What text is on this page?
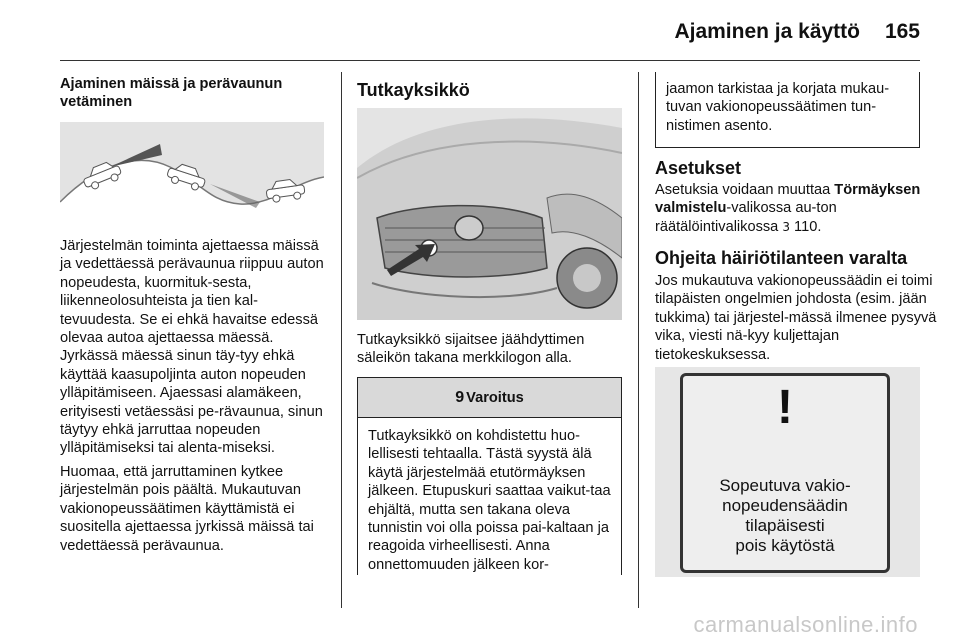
Ajaminen ja käyttö 165
Ajaminen mäissä ja perävaunun vetäminen

Järjestelmän toiminta ajettaessa mäissä ja vedettäessä perävaunua riippuu auton nopeudesta, kuormituk-sesta, liikenneolosuhteista ja tien kal-tevuudesta. Se ei ehkä havaitse edessä olevaa autoa ajettaessa mäessä. Jyrkässä mäessä sinun täy-tyy ehkä käyttää kaasupoljinta auton nopeuden ylläpitämiseen. Ajaessasi alamäkeen, erityisesti vetäessäsi pe-rävaunua, sinun täytyy ehkä jarruttaa nopeuden ylläpitämiseksi tai alenta-miseksi.

Huomaa, että jarruttaminen kytkee järjestelmän pois päältä. Mukautuvan vakionopeussäätimen käyttämistä ei suositella ajettaessa jyrkissä mäissä tai vedettäessä perävaunua.

Tutkayksikkö
Tutkayksikkö sijaitsee jäähdyttimen säleikön takana merkkilogon alla.
9 Varoitus
Tutkayksikkö on kohdistettu huo-lellisesti tehtaalla. Tästä syystä älä käytä järjestelmää etutörmäyksen jälkeen. Etupuskuri saattaa vaikut-taa ehjältä, mutta sen takana oleva tunnistin voi olla poissa pai-kaltaan ja reagoida virheellisesti. Anna onnettomuuden jälkeen kor-
jaamon tarkistaa ja korjata mukau-tuvan vakionopeussäätimen tun-nistimen asento.
Asetukset
Asetuksia voidaan muuttaa Törmäyksen valmistelu-valikossa au-ton räätälöintivalikossa 3 110.
Ohjeita häiriötilanteen varalta
Jos mukautuva vakionopeussäädin ei toimi tilapäisten ongelmien johdosta (esim. jään tukkima) tai järjestel-mässä ilmenee pysyvä vika, viesti nä-kyy kuljettajan tietokeskuksessa.
!
Sopeutuva vakio-
nopeudensäädin
tilapäisesti
pois käytöstä
carmanualsonline.info
